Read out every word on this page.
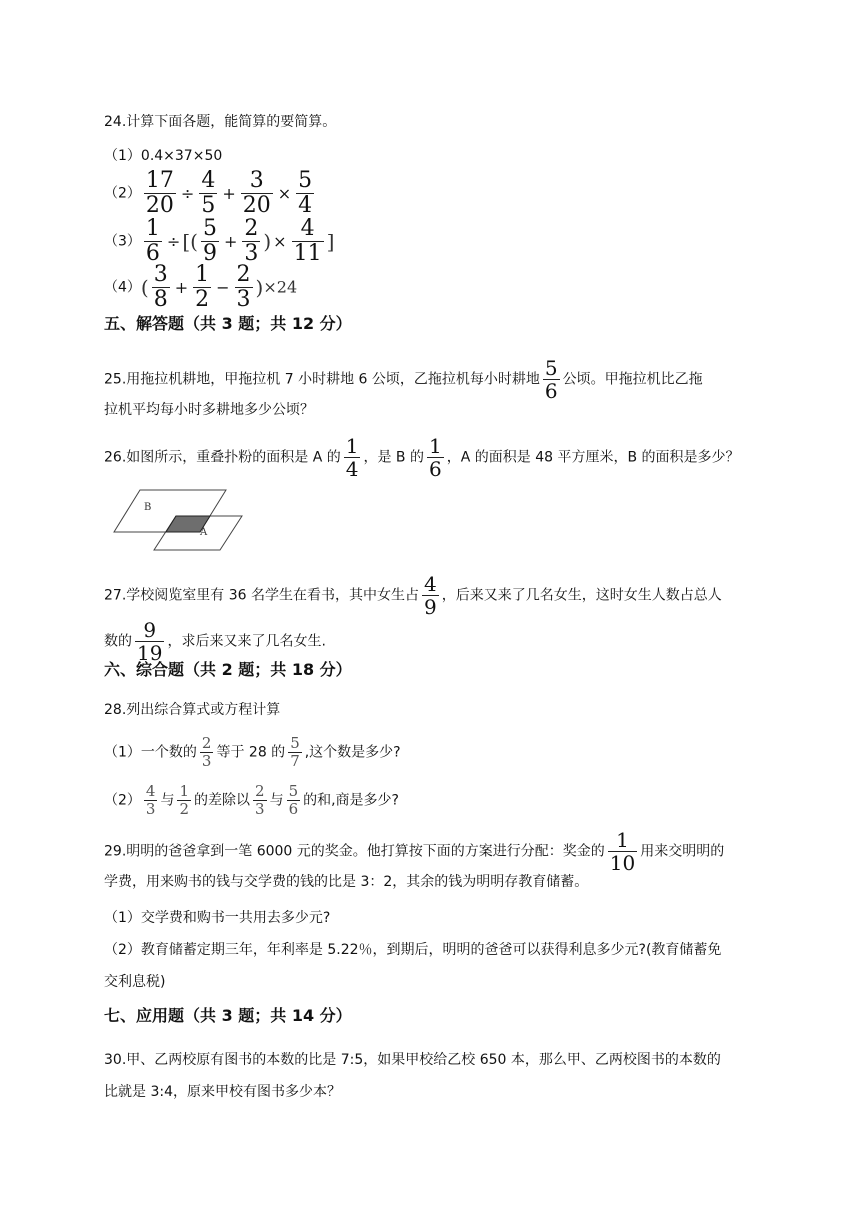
24.计算下面各题，能简算的要简算。
（1）0.4×37×50
$(2) \frac{17}{20} \div \frac{4}{5} + \frac{3}{20} \times \frac{5}{4}$
$(3) \frac{1}{6}$ ÷ [( $\frac{5}{9} + \frac{2}{3}$ ) × $\frac{4}{11}$ ]
$(4)( \frac{3}{8} + \frac{1}{2} - \frac{2}{3} )\times 24$
五、解答题（共 3 题；共 12 分）
25.用拖拉机耕地，甲拖拉机 7 小时耕地 6 公顷，乙拖拉机每小时耕地 $\frac{5}{6}$ 公顷。甲拖拉机比乙拖
拉机平均每小时多耕地多少公顷？
26.如图所示，重叠扑粉的面积是 A 的 $\frac{1}{4}$ ，是 B 的 $\frac{1}{6}$ ，A 的面积是 48 平方厘米，B 的面积是多少？
B
A
27.学校阅览室里有 36 名学生在看书，其中女生占 $\frac{4}{9}$ ，后来又来了几名女生，这时女生人数占总人
数的 $\frac{9}{19}$ ，求后来又来了几名女生.
六、综合题（共 2 题；共 18 分）
28.列出综合算式或方程计算
（1）一个数的 $\frac{2}{3}$ 等于 28 的 $\frac{5}{7}$ ,这个数是多少?
$(2) \frac{4}{3}$ 与 $\frac{1}{2}$ 的差除以 $\frac{2}{3}$ 与 $\frac{5}{6}$ 的和,商是多少?
29.明明的爸爸拿到一笔 6000 元的奖金。他打算按下面的方案进行分配：奖金的 $\frac{1}{10}$ 用来交明明的
学费，用来购书的钱与交学费的钱的比是 3：2，其余的钱为明明存教育储蓄。
（1）交学费和购书一共用去多少元?
（2）教育储蓄定期三年，年利率是 5.22％，到期后，明明的爸爸可以获得利息多少元?(教育储蓄免
交利息税)
七、应用题（共 3 题；共 14 分）
30.甲、乙两校原有图书的本数的比是 7:5，如果甲校给乙校 650 本，那么甲、乙两校图书的本数的
比就是 3:4，原来甲校有图书多少本？
